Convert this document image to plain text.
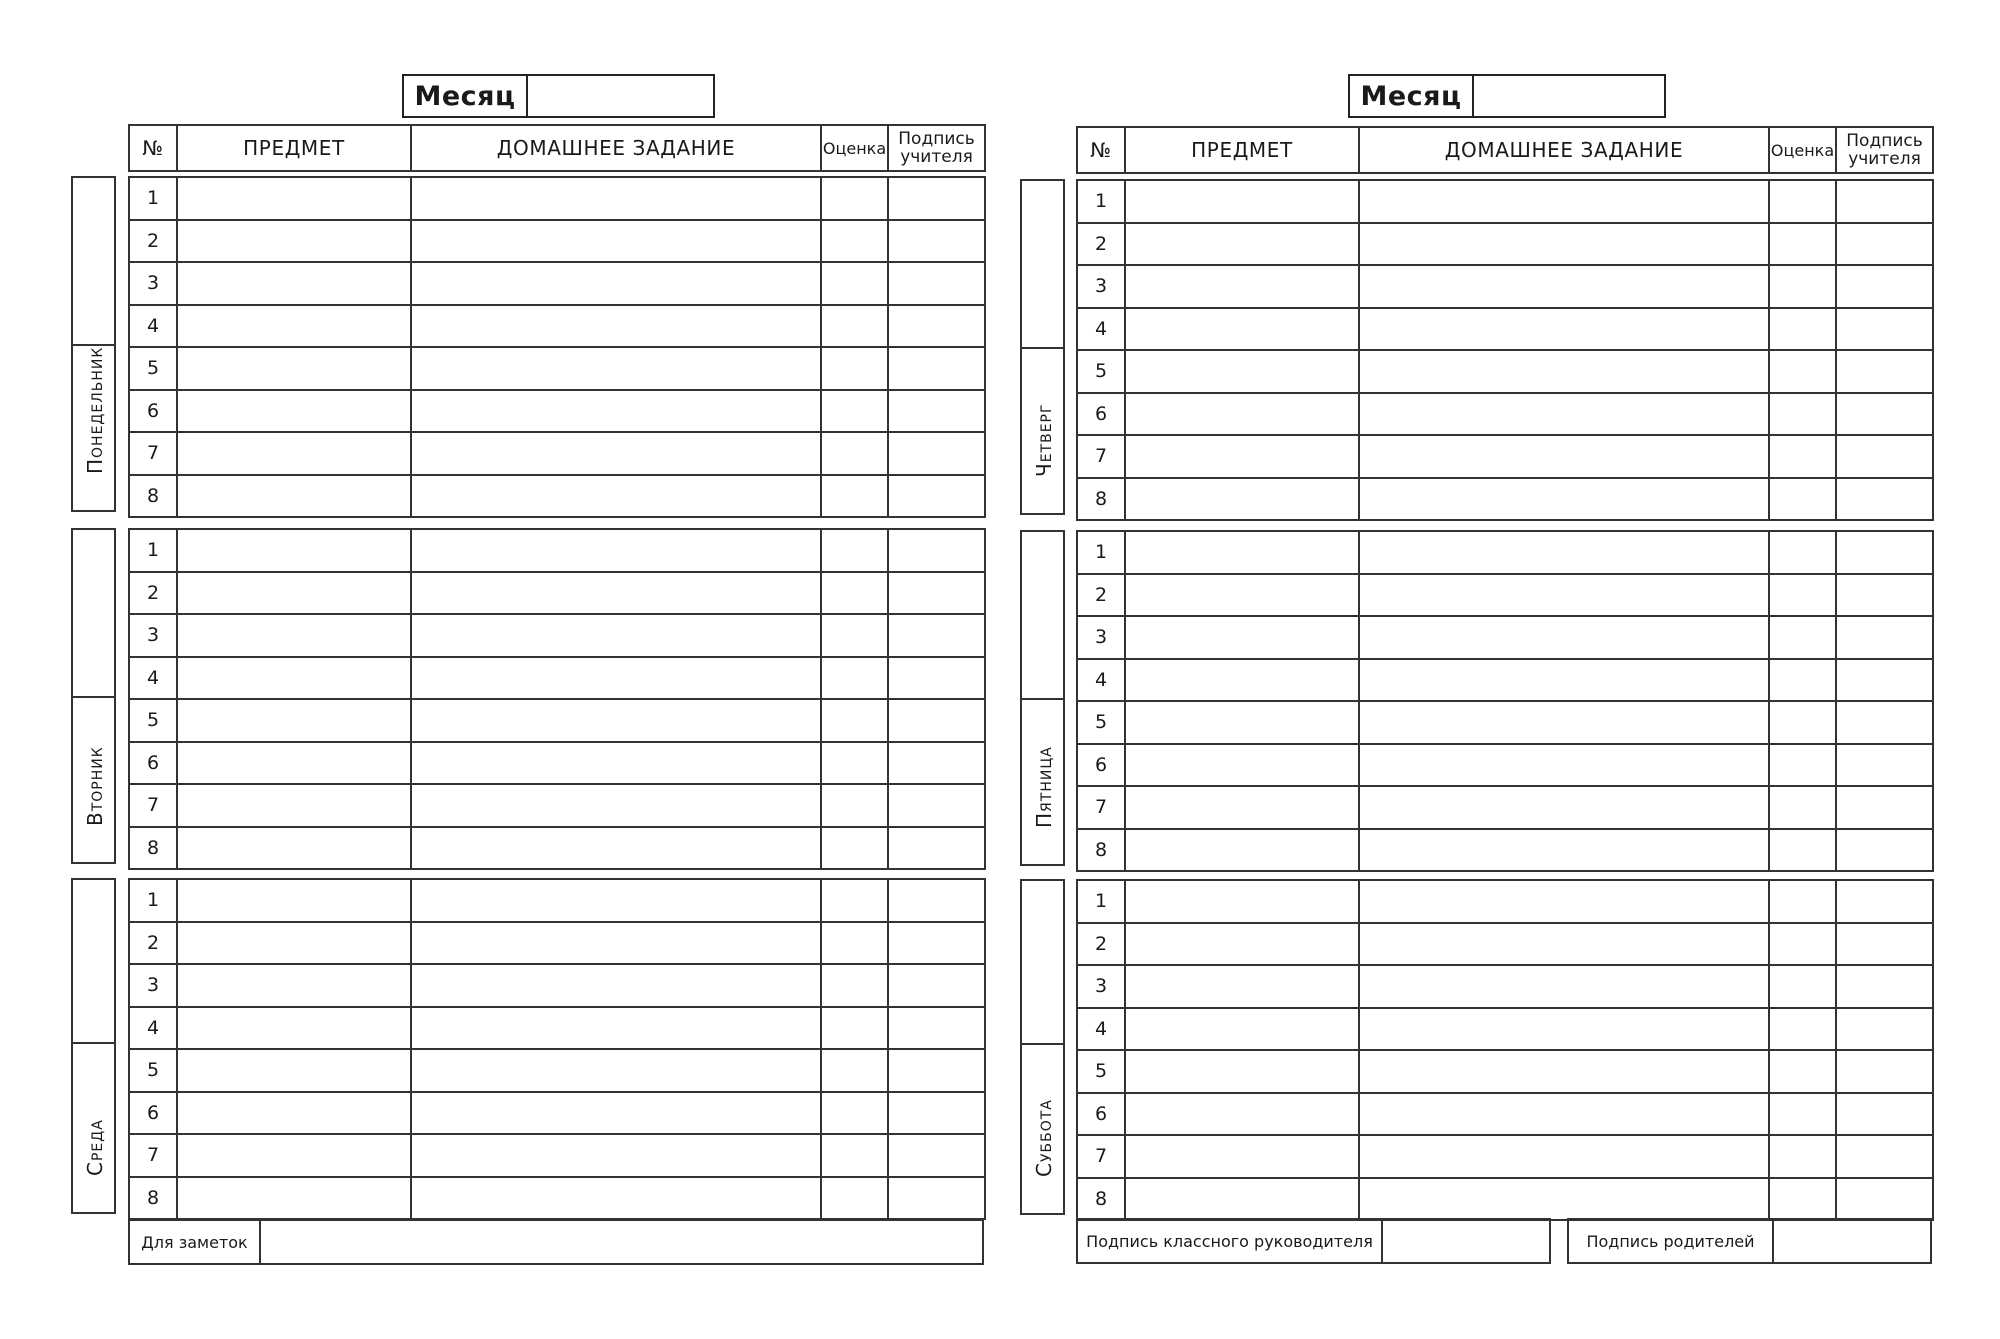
Месяц
№	ПРЕДМЕТ	ДОМАШНЕЕ ЗАДАНИЕ	Оценка	Подпись
учителя
Понедельник
1				
2				
3				
4				
5				
6				
7				
8				
Вторник
1				
2				
3				
4				
5				
6				
7				
8				
Среда
1				
2				
3				
4				
5				
6				
7				
8				
Для заметок
Месяц
№	ПРЕДМЕТ	ДОМАШНЕЕ ЗАДАНИЕ	Оценка	Подпись
учителя
Четверг
1				
2				
3				
4				
5				
6				
7				
8				
Пятница
1				
2				
3				
4				
5				
6				
7				
8				
Суббота
1				
2				
3				
4				
5				
6				
7				
8				
Подпись классного руководителя	Подпись родителей
